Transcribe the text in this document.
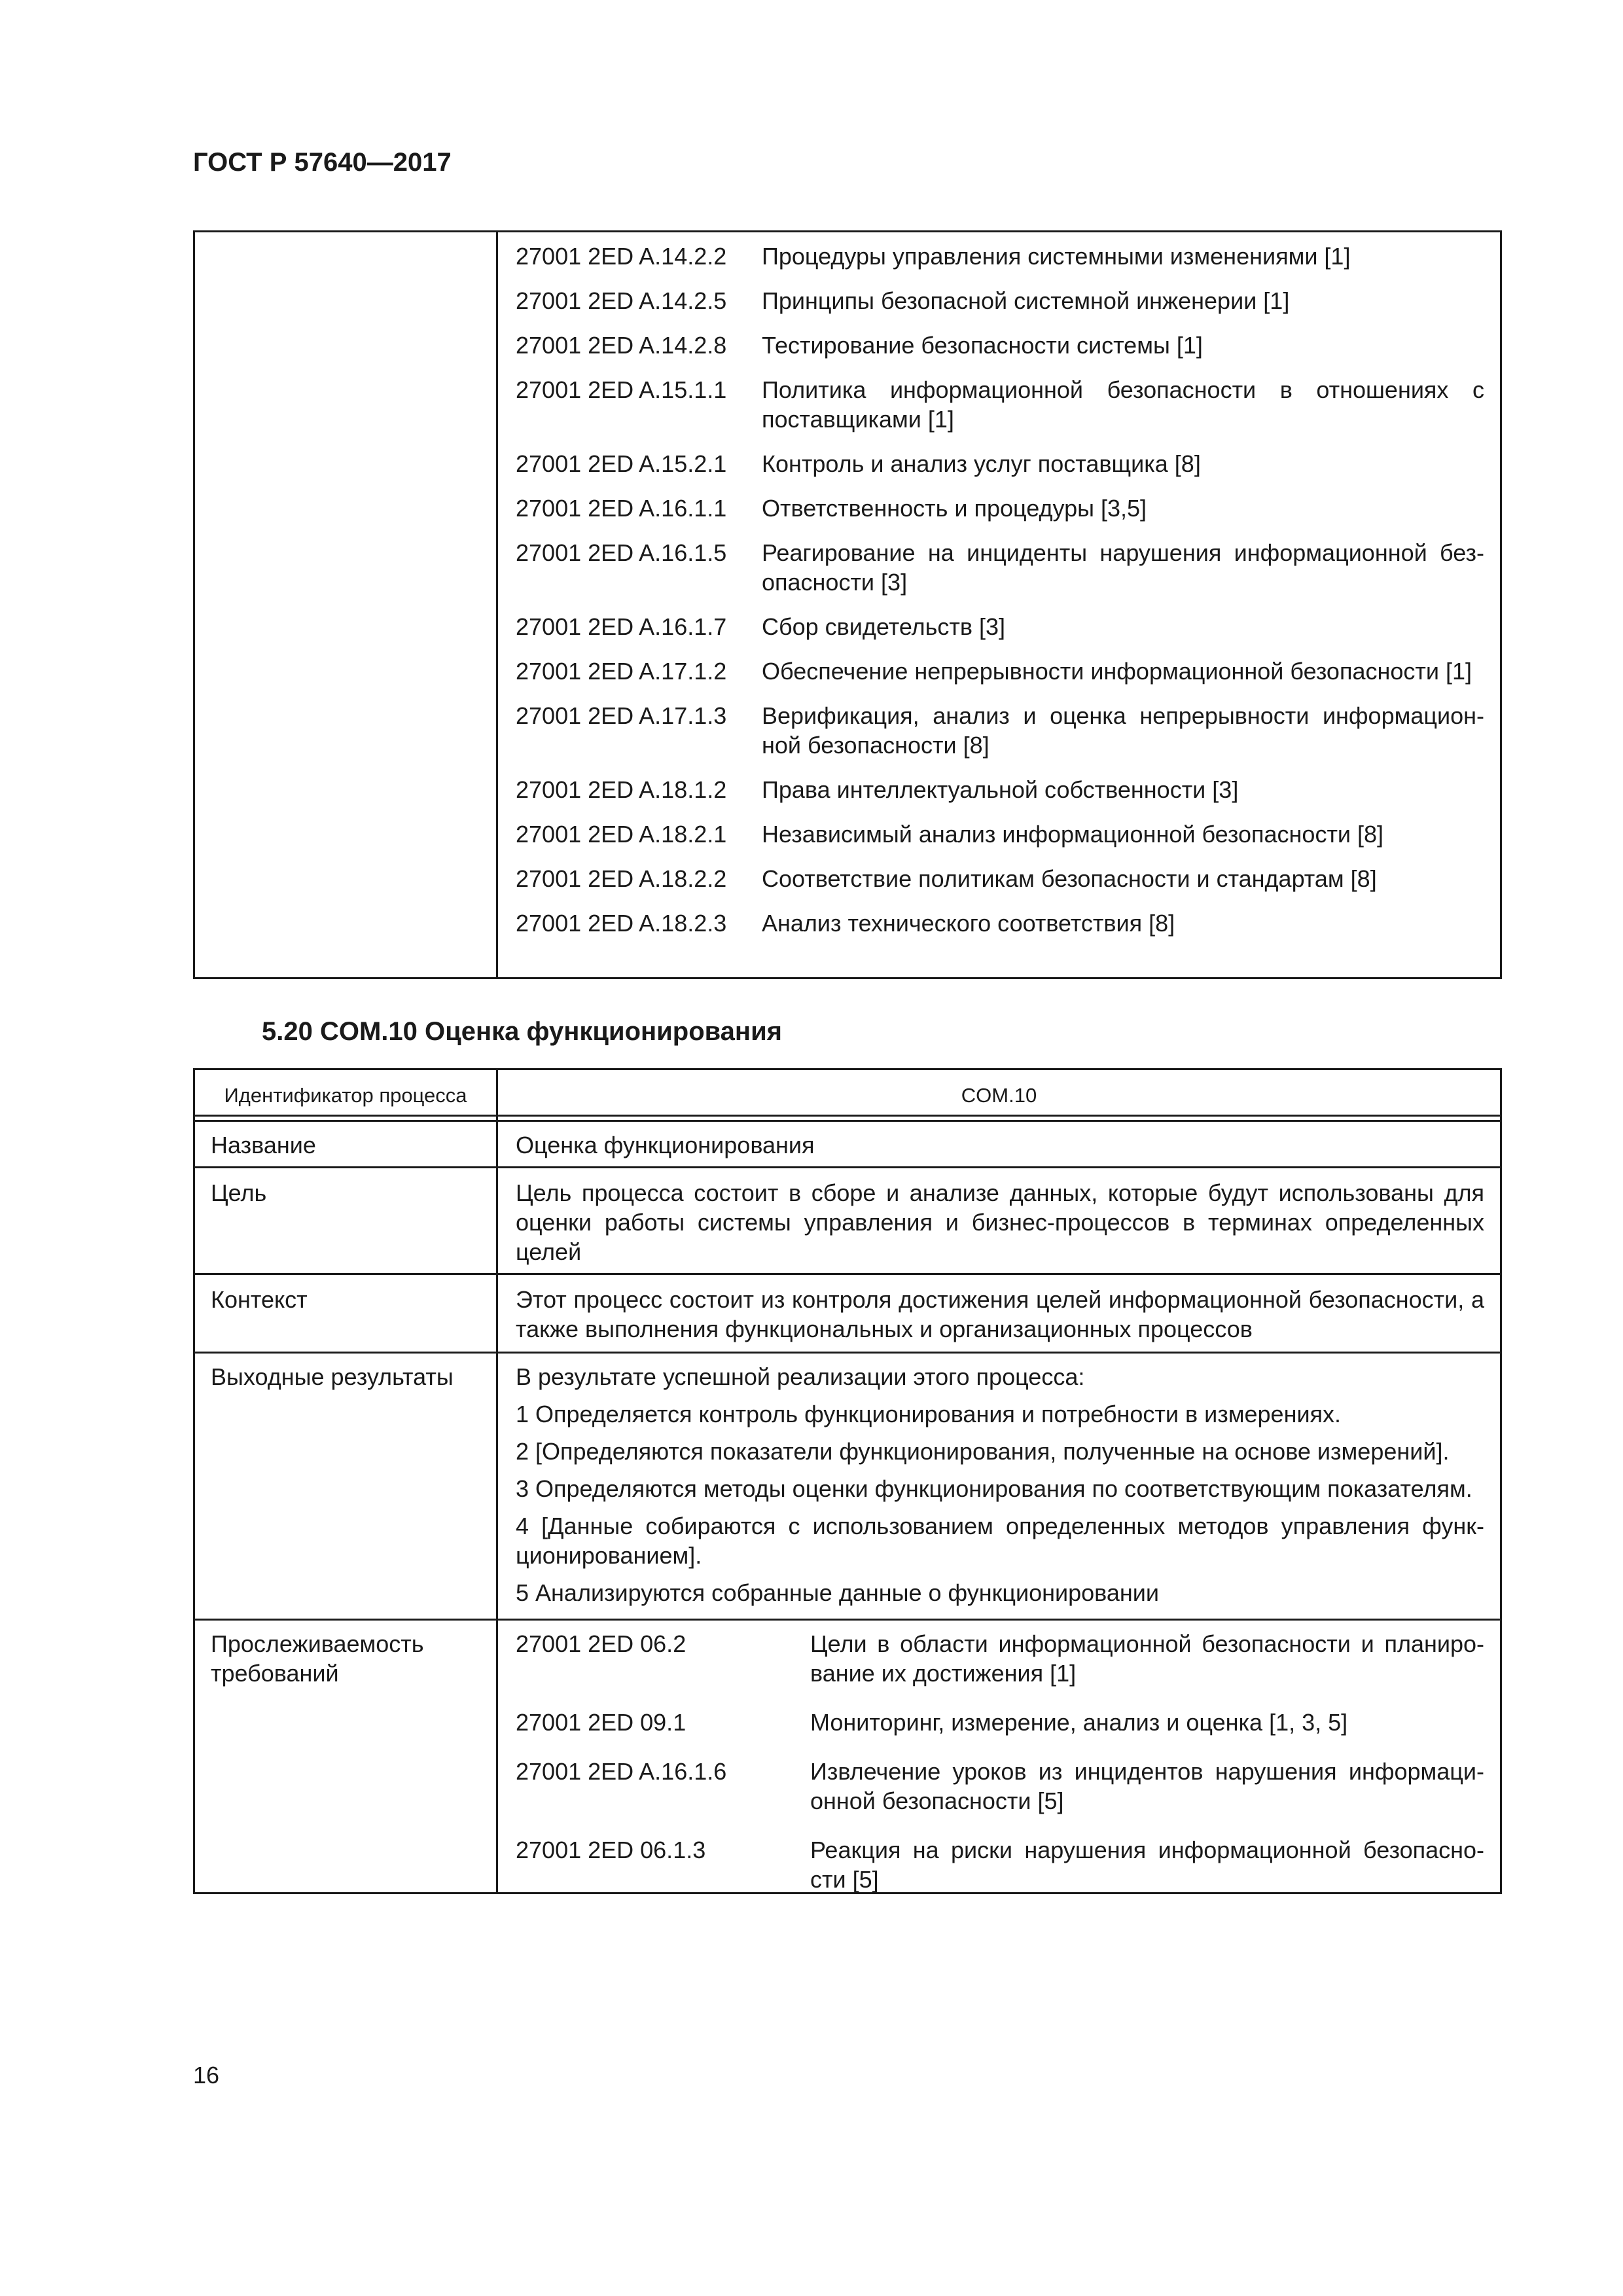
ГОСТ Р 57640—2017
27001 2ED A.14.2.2	Процедуры управления системными изменениями [1]
27001 2ED A.14.2.5	Принципы безопасной системной инженерии [1]
27001 2ED A.14.2.8	Тестирование безопасности системы [1]
27001 2ED A.15.1.1	Политика информационной безопасности в отношениях с поставщиками [1]
27001 2ED A.15.2.1	Контроль и анализ услуг поставщика [8]
27001 2ED A.16.1.1	Ответственность и процедуры [3,5]
27001 2ED A.16.1.5	Реагирование на инциденты нарушения информационной без-опасности [3]
27001 2ED A.16.1.7	Сбор свидетельств [3]
27001 2ED A.17.1.2	Обеспечение непрерывности информационной безопасности [1]
27001 2ED A.17.1.3	Верификация, анализ и оценка непрерывности информацион-ной безопасности [8]
27001 2ED A.18.1.2	Права интеллектуальной собственности [3]
27001 2ED A.18.2.1	Независимый анализ информационной безопасности [8]
27001 2ED A.18.2.2	Соответствие политикам безопасности и стандартам [8]
27001 2ED A.18.2.3	Анализ технического соответствия [8]
5.20 COM.10 Оценка функционирования
Идентификатор процесса	COM.10
Название	Оценка функционирования
Цель	Цель процесса состоит в сборе и анализе данных, которые будут использованы для оценки работы системы управления и бизнес-процессов в терминах определенных целей
Контекст	Этот процесс состоит из контроля достижения целей информационной безопасности, а также выполнения функциональных и организационных процессов
Выходные результаты	В результате успешной реализации этого процесса:
1 Определяется контроль функционирования и потребности в измерениях.
2 [Определяются показатели функционирования, полученные на основе измерений].
3 Определяются методы оценки функционирования по соответствующим показателям.
4 [Данные собираются с использованием определенных методов управления функ-ционированием].
5 Анализируются собранные данные о функционировании
Прослеживаемость требований
27001 2ED 06.2	Цели в области информационной безопасности и планиро-вание их достижения [1]
27001 2ED 09.1	Мониторинг, измерение, анализ и оценка [1, 3, 5]
27001 2ED A.16.1.6	Извлечение уроков из инцидентов нарушения информаци-онной безопасности [5]
27001 2ED 06.1.3	Реакция на риски нарушения информационной безопасно-сти [5]
16
